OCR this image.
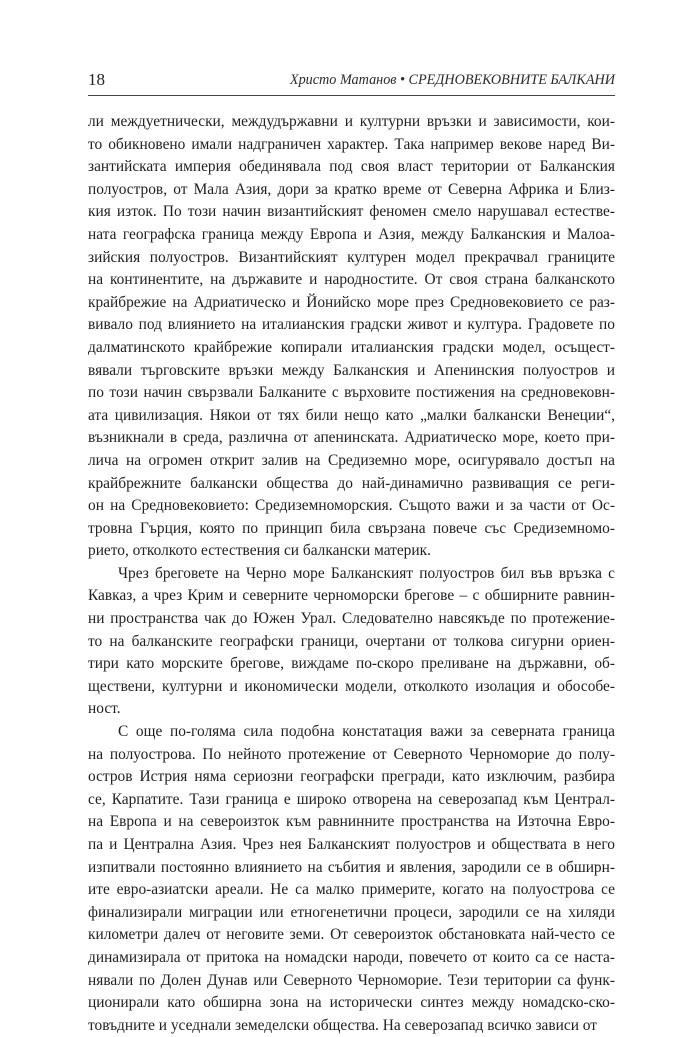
18	Христо Матанов • СРЕДНОВЕКОВНИТЕ БАЛКАНИ
ли междуетнически, междудържавни и културни връзки и зависимости, кои-
то обикновено имали надграничен характер. Така например векове наред Ви-
зантийската империя обединявала под своя власт територии от Балканския
полуостров, от Мала Азия, дори за кратко време от Северна Африка и Близ-
кия изток. По този начин византийският феномен смело нарушавал естестве-
ната географска граница между Европа и Азия, между Балканския и Малоа-
зийския полуостров. Византийският културен модел прекрачвал границите
на континентите, на държавите и народностите. От своя страна балканското
крайбрежие на Адриатическо и Йонийско море през Средновековието се раз-
вивало под влиянието на италианския градски живот и култура. Градовете по
далматинското крайбрежие копирали италианския градски модел, осъщест-
вявали търговските връзки между Балканския и Апенинския полуостров и
по този начин свързвали Балканите с върховите постижения на средновековн-
ата цивилизация. Някои от тях били нещо като „малки балкански Венеции“,
възникнали в среда, различна от апенинската. Адриатическо море, което при-
лича на огромен открит залив на Средиземно море, осигурявало достъп на
крайбрежните балкански общества до най-динамично развиващия се реги-
он на Средновековието: Средиземноморския. Същото важи и за части от Ос-
тровна Гърция, която по принцип била свързана повече със Средиземномо-
рието, отколкото естествения си балкански материк.
Чрез бреговете на Черно море Балканският полуостров бил във връзка с
Кавказ, а чрез Крим и северните черноморски брегове – с обширните равнин-
ни пространства чак до Южен Урал. Следователно навсякъде по протежение-
то на балканските географски граници, очертани от толкова сигурни ориен-
тири като морските брегове, виждаме по-скоро преливане на държавни, об-
ществени, културни и икономически модели, отколкото изолация и обособе-
ност.
С още по-голяма сила подобна констатация важи за северната граница
на полуострова. По нейното протежение от Северното Черноморие до полу-
остров Истрия няма сериозни географски прегради, като изключим, разбира
се, Карпатите. Тази граница е широко отворена на северозапад към Централ-
на Европа и на североизток към равнинните пространства на Източна Евро-
па и Централна Азия. Чрез нея Балканският полуостров и обществата в него
изпитвали постоянно влиянието на събития и явления, зародили се в обширн-
ите евро-азиатски ареали. Не са малко примерите, когато на полуострова се
финализирали миграции или етногенетични процеси, зародили се на хиляди
километри далеч от неговите земи. От североизток обстановката най-често се
динамизирала от притока на номадски народи, повечето от които са се наста-
нявали по Долен Дунав или Северното Черноморие. Тези територии са функ-
ционирали като обширна зона на исторически синтез между номадско-ско-
товъдните и уседнали земеделски общества. На северозапад всичко зависи от
